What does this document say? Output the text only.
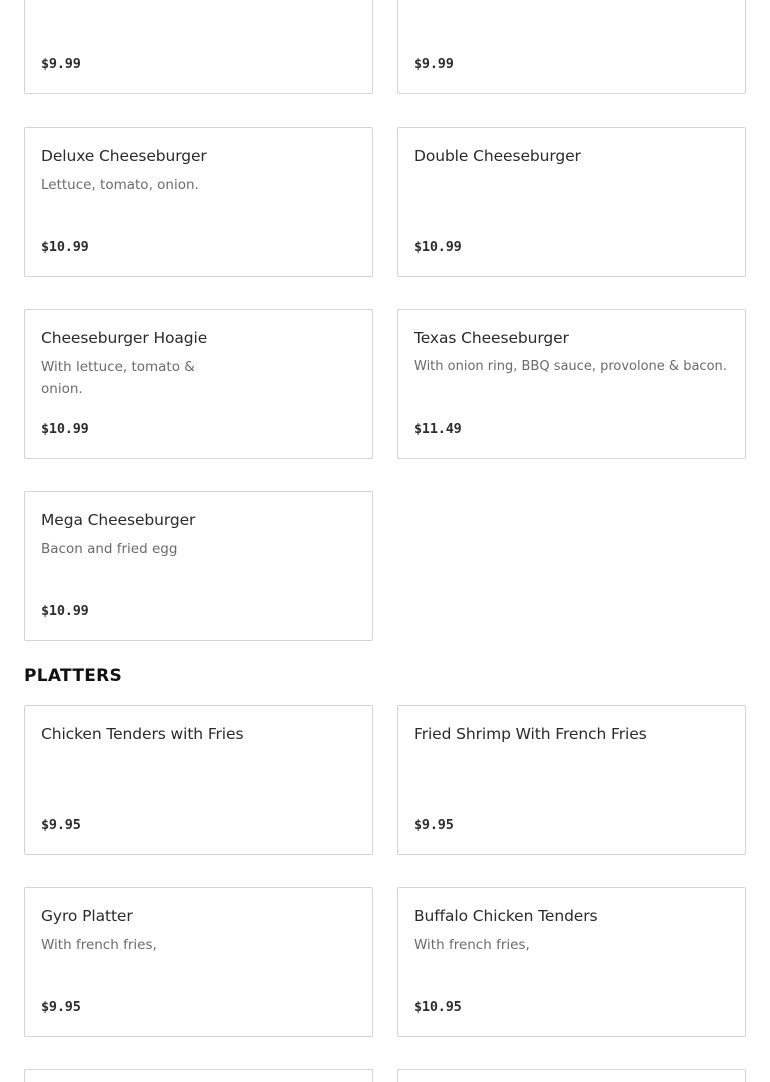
$9.99	$9.99
Deluxe Cheeseburger
Lettuce, tomato, onion.
$10.99
Double Cheeseburger
$10.99
Cheeseburger Hoagie
With lettuce, tomato & onion.
$10.99
Texas Cheeseburger
With onion ring, BBQ sauce, provolone & bacon.
$11.49
Mega Cheeseburger
Bacon and fried egg
$10.99
PLATTERS
Chicken Tenders with Fries
$9.95
Fried Shrimp With French Fries
$9.95
Gyro Platter
With french fries,
$9.95
Buffalo Chicken Tenders
With french fries,
$10.95
